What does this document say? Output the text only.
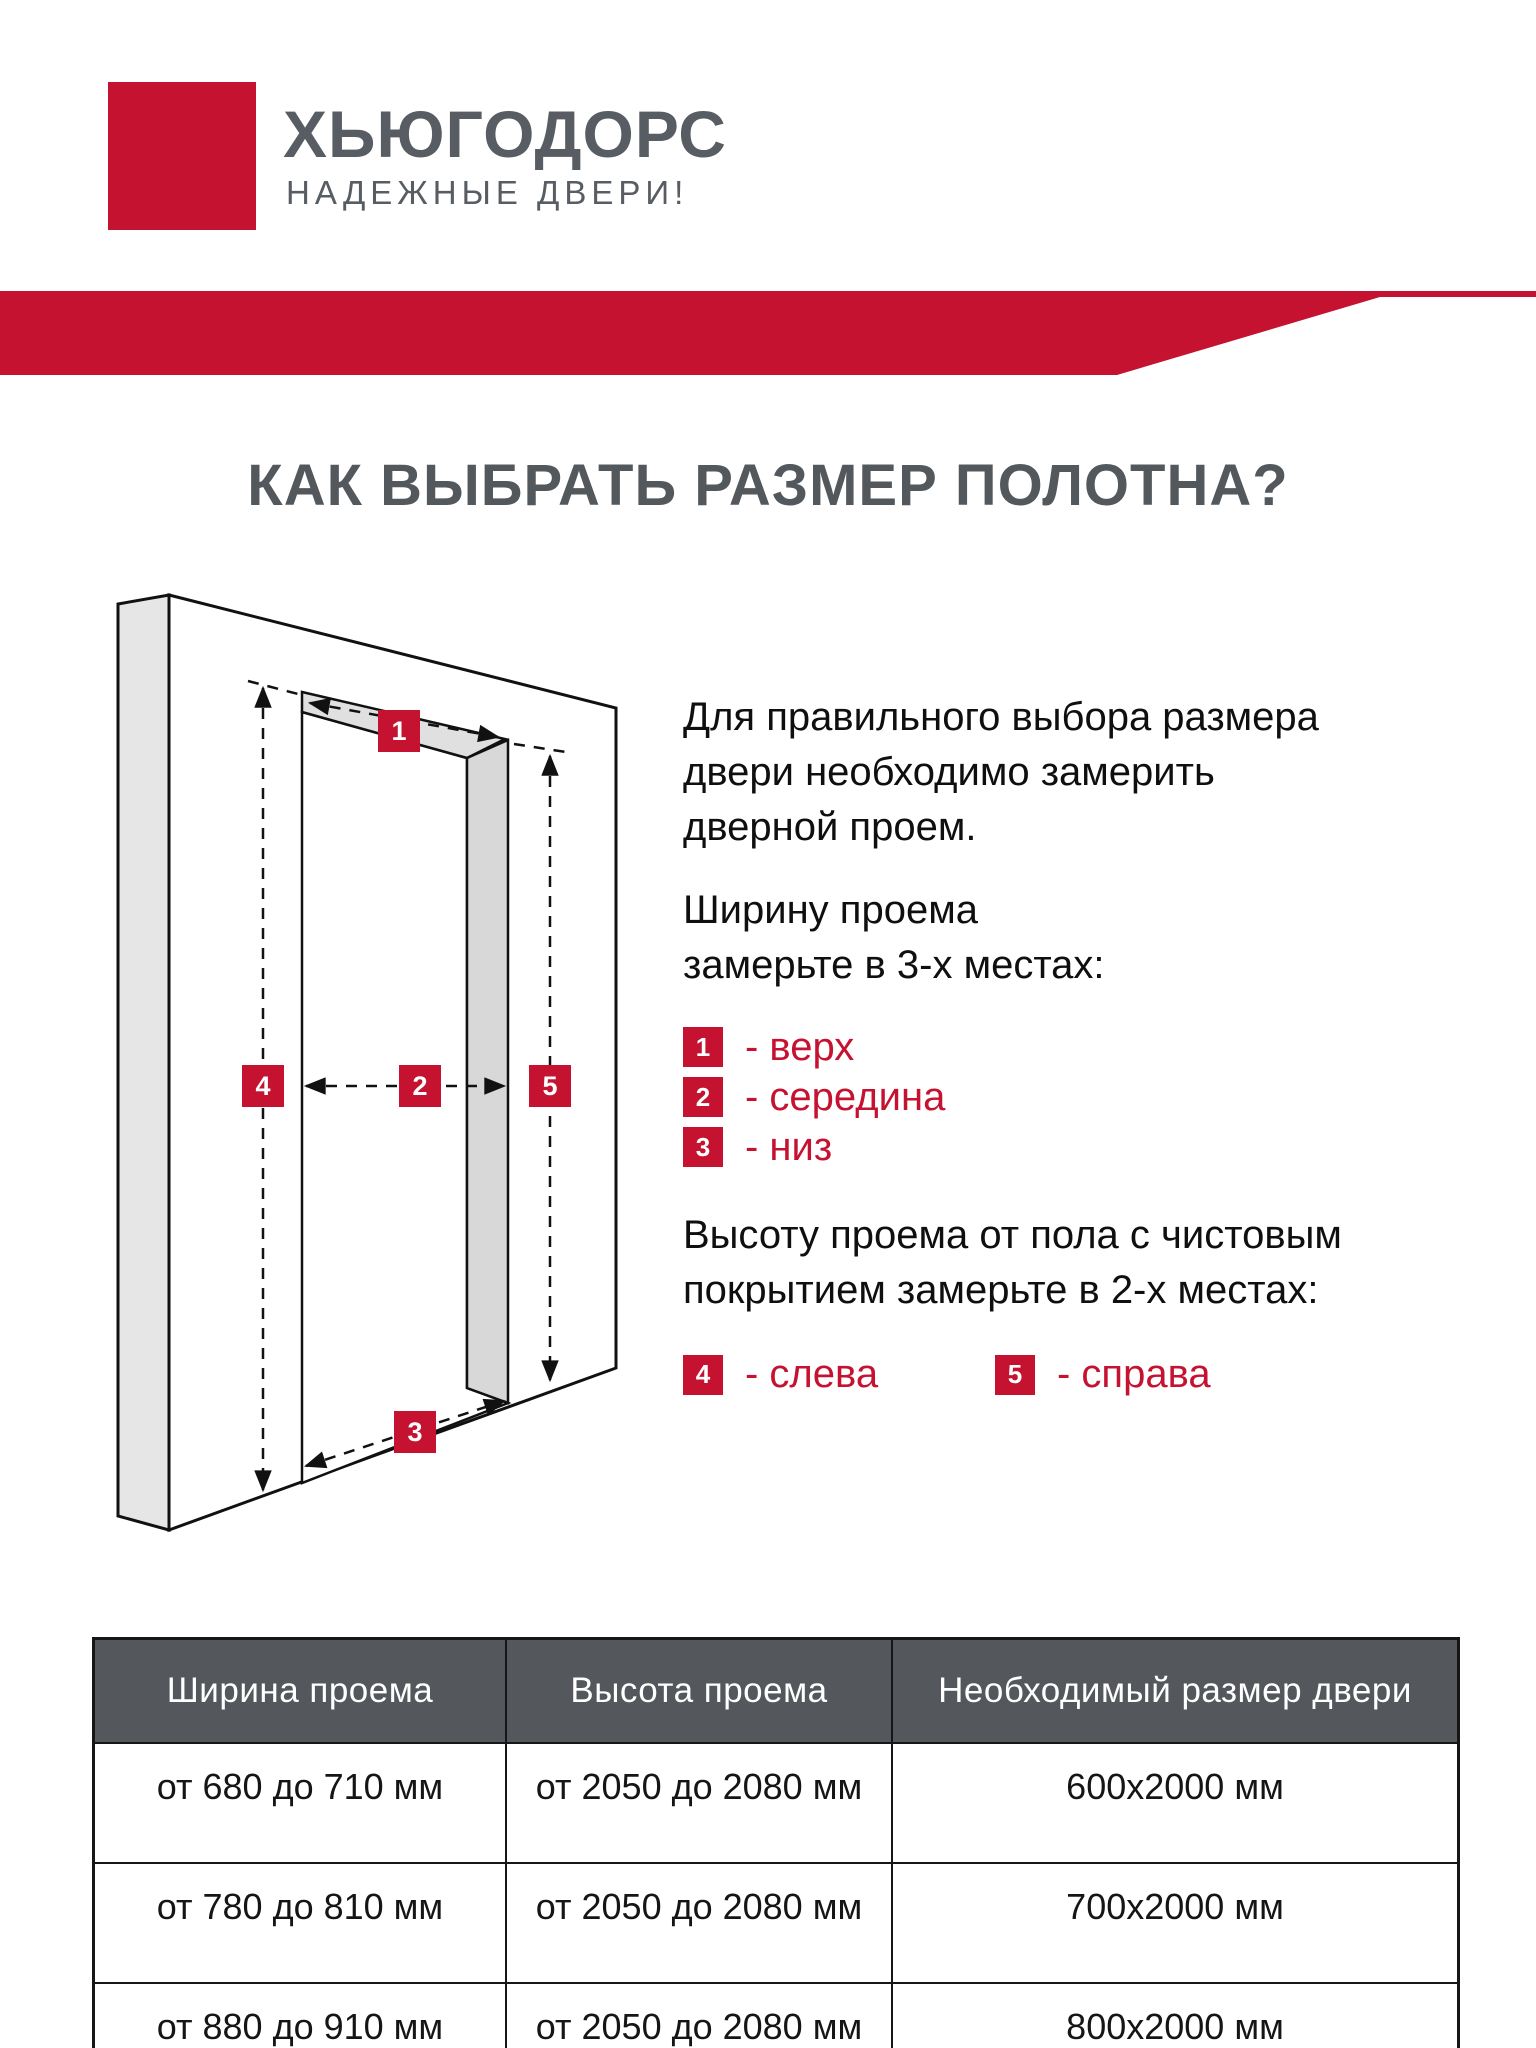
ХЬЮГОДОРС
НАДЕЖНЫЕ ДВЕРИ!
КАК ВЫБРАТЬ РАЗМЕР ПОЛОТНА?
1
2
3
4	5
Для правильного выбора размера
двери необходимо замерить
дверной проем.
Ширину проема
замерьте в 3-х местах:
1 - верх
2 - середина
3 - низ
Высоту проема от пола с чистовым
покрытием замерьте в 2-х местах:
4 - слева	5 - справа
Ширина проема	Высота проема	Необходимый размер двери
от 680 до 710 мм	от 2050 до 2080 мм	600х2000 мм
от 780 до 810 мм	от 2050 до 2080 мм	700х2000 мм
от 880 до 910 мм	от 2050 до 2080 мм	800х2000 мм
